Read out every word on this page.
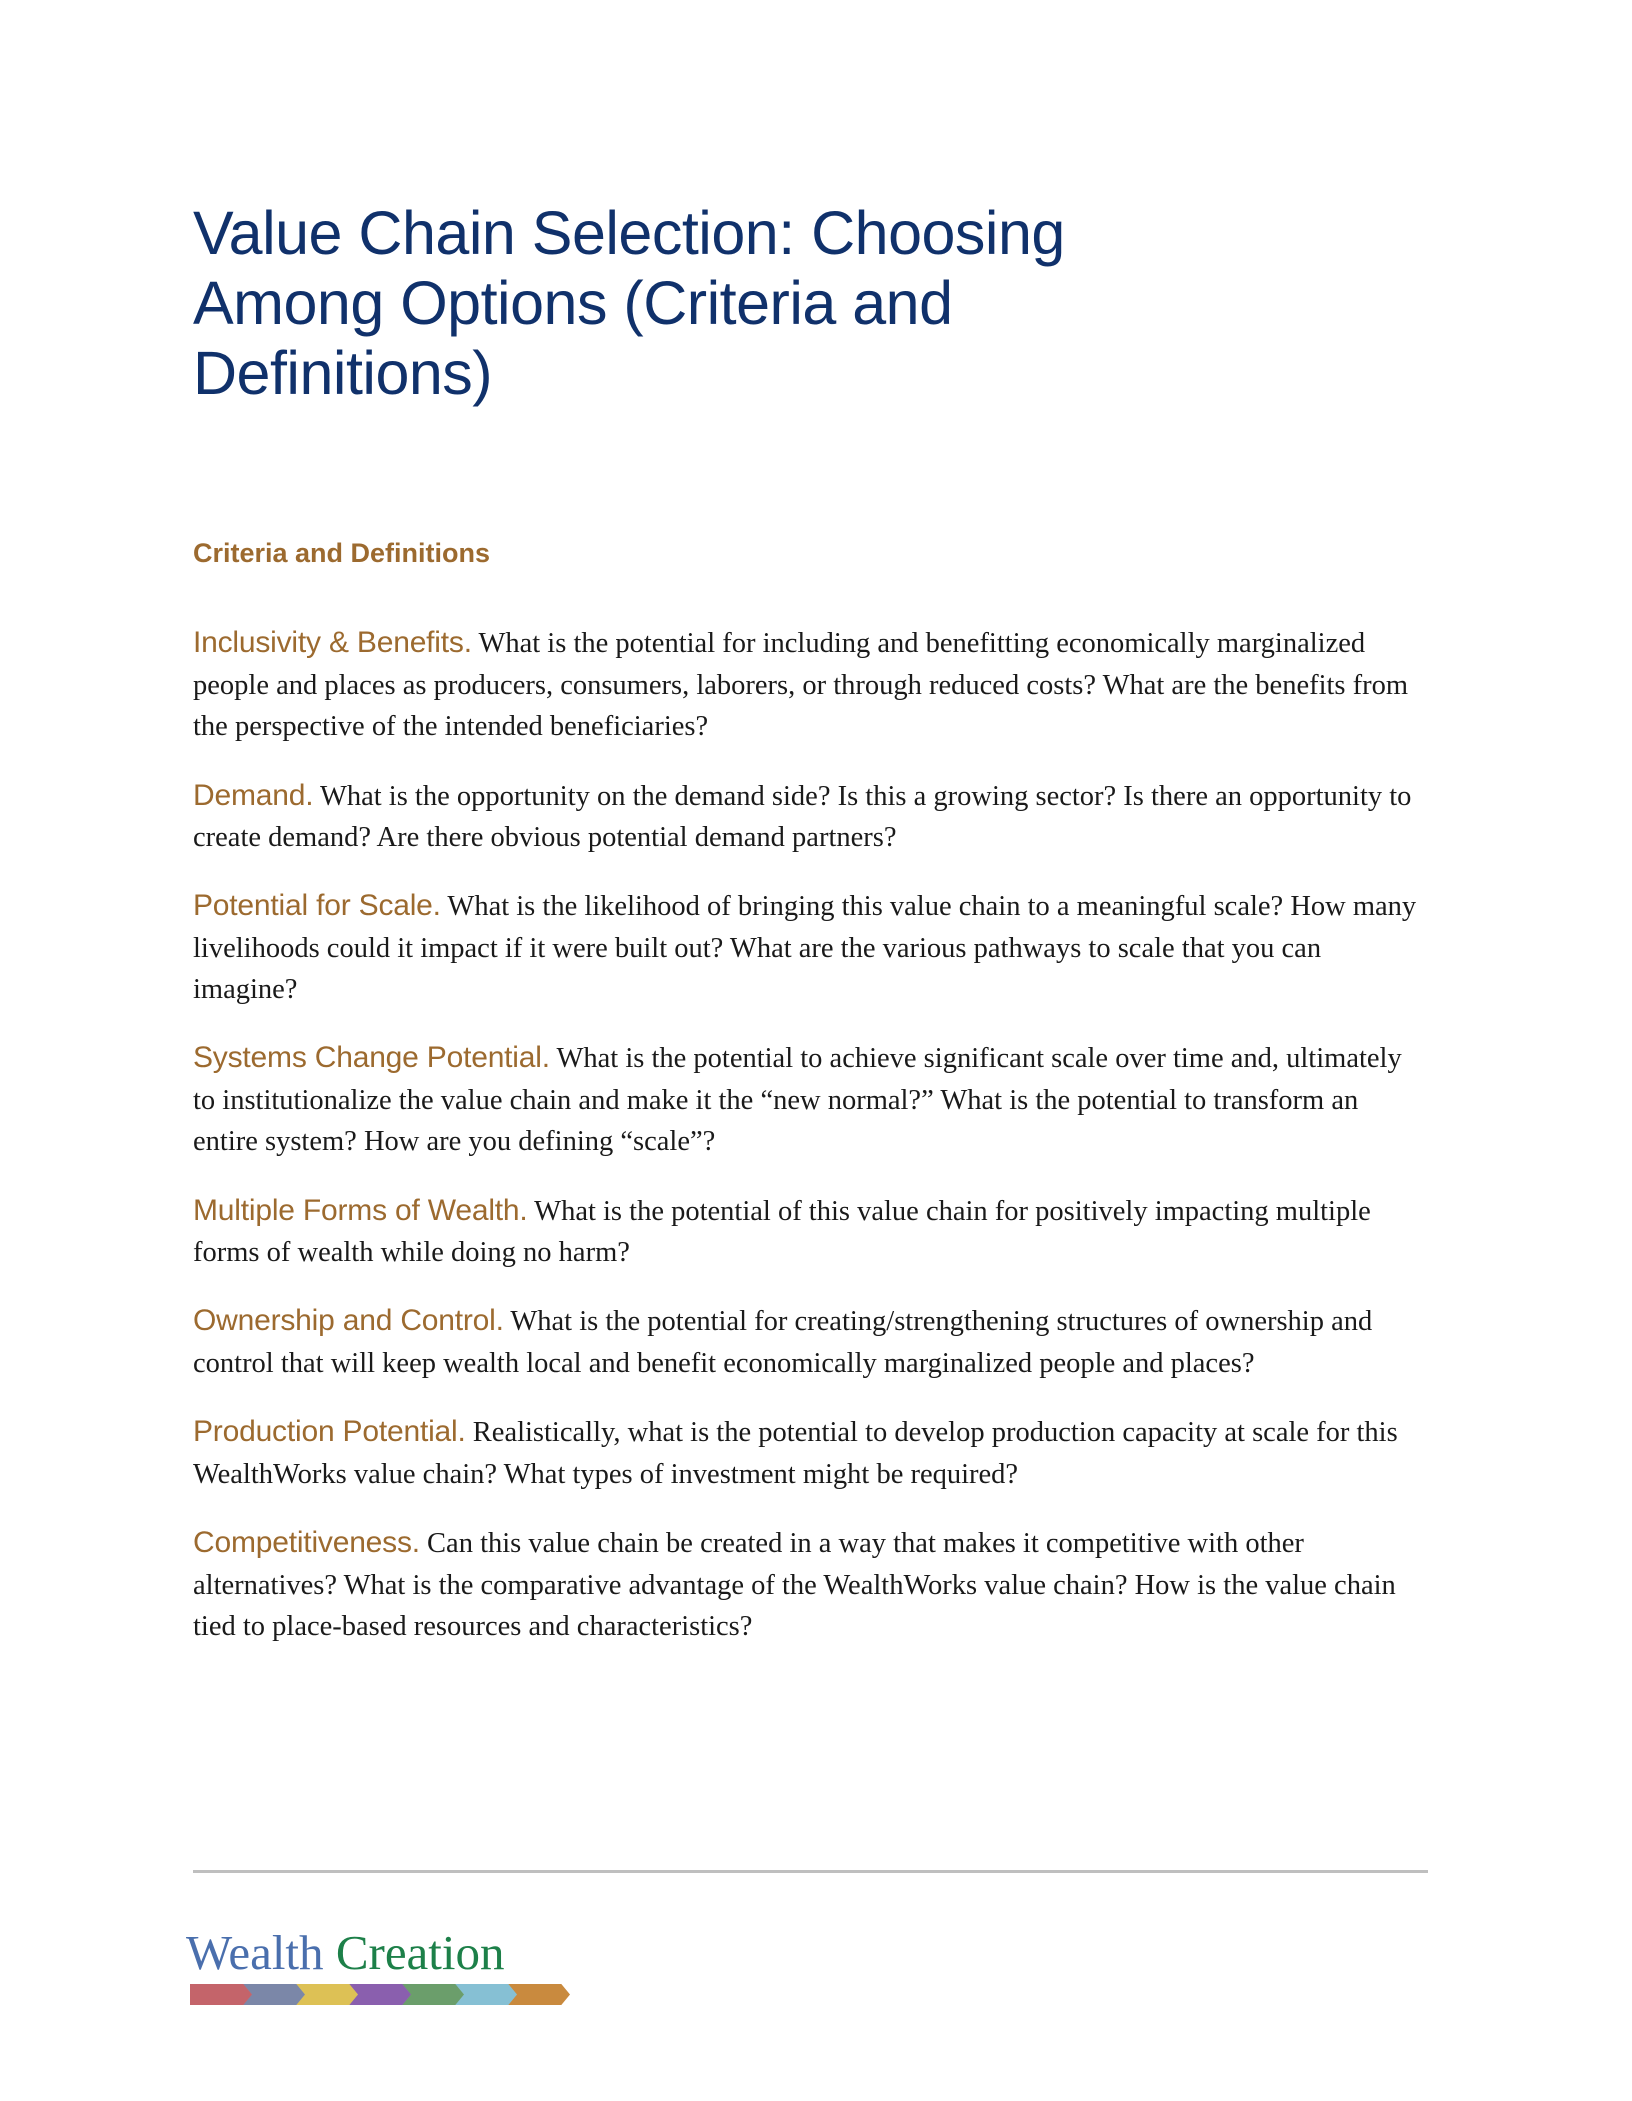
Value Chain Selection: Choosing Among Options (Criteria and Definitions)
Criteria and Definitions

Inclusivity & Benefits. What is the potential for including and benefitting economically marginalized people and places as producers, consumers, laborers, or through reduced costs? What are the benefits from the perspective of the intended beneficiaries?

Demand. What is the opportunity on the demand side? Is this a growing sector? Is there an opportunity to create demand? Are there obvious potential demand partners?

Potential for Scale. What is the likelihood of bringing this value chain to a meaningful scale? How many livelihoods could it impact if it were built out? What are the various pathways to scale that you can imagine?

Systems Change Potential. What is the potential to achieve significant scale over time and, ultimately to institutionalize the value chain and make it the “new normal?” What is the potential to transform an entire system? How are you defining “scale”?

Multiple Forms of Wealth. What is the potential of this value chain for positively impacting multiple forms of wealth while doing no harm?

Ownership and Control. What is the potential for creating/strengthening structures of ownership and control that will keep wealth local and benefit economically marginalized people and places?

Production Potential. Realistically, what is the potential to develop production capacity at scale for this WealthWorks value chain? What types of investment might be required?

Competitiveness. Can this value chain be created in a way that makes it competitive with other alternatives? What is the comparative advantage of the WealthWorks value chain? How is the value chain tied to place-based resources and characteristics?

Wealth Creation
